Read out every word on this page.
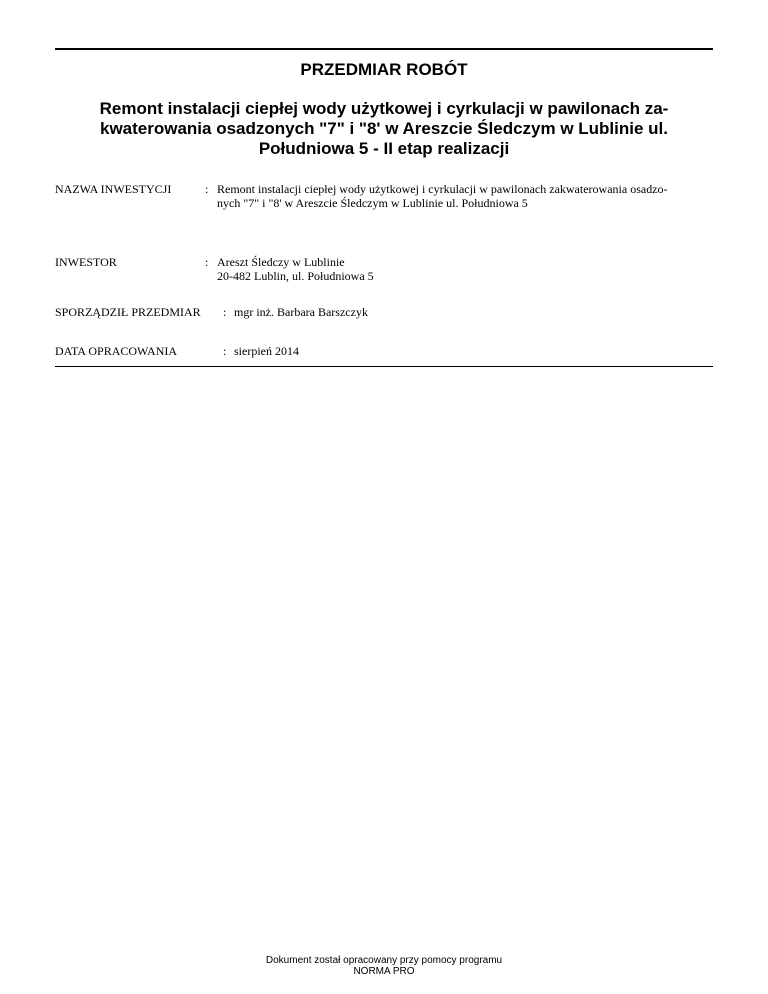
PRZEDMIAR ROBÓT
Remont instalacji ciepłej wody użytkowej i cyrkulacji w pawilonach za-
kwaterowania osadzonych "7" i "8' w Areszcie Śledczym w Lublinie ul.
Południowa 5 - II etap realizacji
NAZWA INWESTYCJI	: Remont instalacji ciepłej wody użytkowej i cyrkulacji w pawilonach zakwaterowania osadzo-
nych "7" i "8' w Areszcie Śledczym w Lublinie ul. Południowa 5
INWESTOR	: Areszt Śledczy w Lublinie
20-482 Lublin, ul. Południowa 5
SPORZĄDZIŁ PRZEDMIAR : mgr inż. Barbara Barszczyk
DATA OPRACOWANIA	: sierpień 2014
Dokument został opracowany przy pomocy programu
NORMA PRO
